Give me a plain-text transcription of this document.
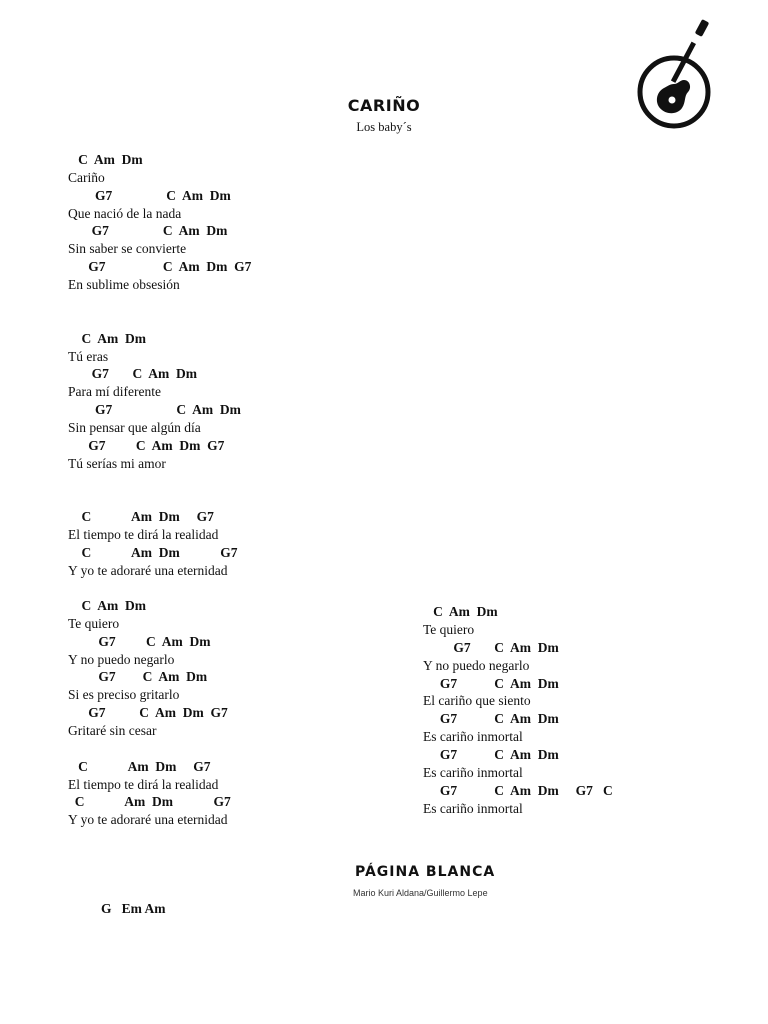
CARIÑO
Los baby´s
C  Am  Dm
Cariño
G7                C  Am  Dm
Que nació de la nada
G7                C  Am  Dm
Sin saber se convierte
G7                 C  Am  Dm  G7
En sublime obsesión
C  Am  Dm
Tú eras
G7       C  Am  Dm
Para mí diferente
G7                   C  Am  Dm
Sin pensar que algún día
G7         C  Am  Dm  G7
Tú serías mi amor
C            Am  Dm     G7
El tiempo te dirá la realidad
C            Am  Dm            G7
Y yo te adoraré una eternidad
C  Am  Dm
Te quiero
G7         C  Am  Dm
Y no puedo negarlo
G7        C  Am  Dm
Si es preciso gritarlo
G7          C  Am  Dm  G7
Gritaré sin cesar
C            Am  Dm     G7
El tiempo te dirá la realidad
C            Am  Dm            G7
Y yo te adoraré una eternidad
C  Am  Dm
Te quiero
G7       C  Am  Dm
Y no puedo negarlo
G7           C  Am  Dm
El cariño que siento
G7           C  Am  Dm
Es cariño inmortal
G7           C  Am  Dm
Es cariño inmortal
G7           C  Am  Dm     G7   C
Es cariño inmortal
PÁGINA BLANCA
Mario Kuri Aldana/Guillermo Lepe
G   Em Am
